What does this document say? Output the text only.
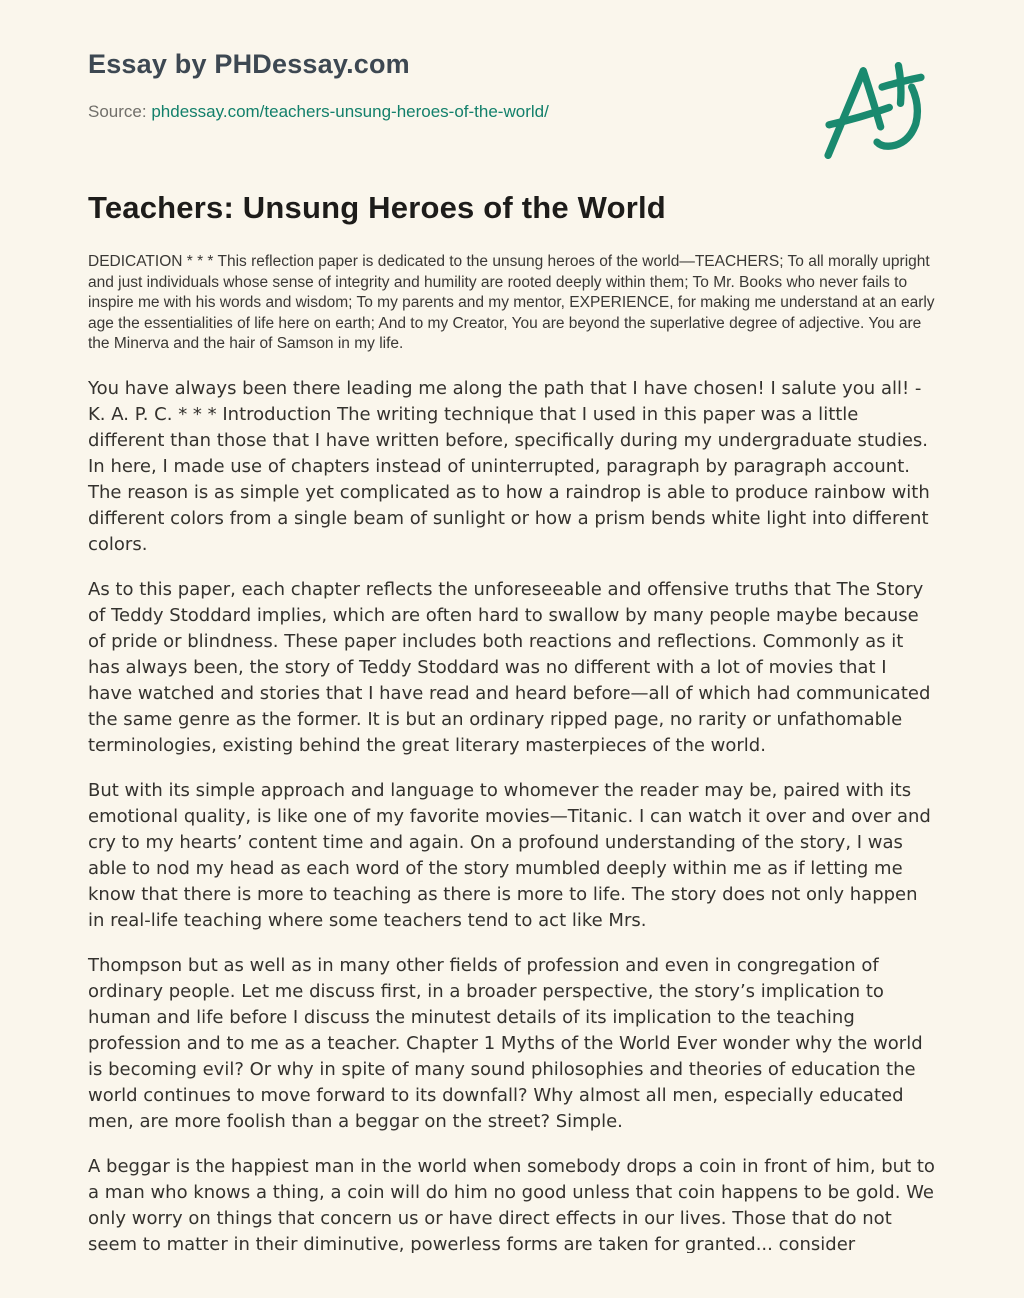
Essay by PHDessay.com
Source: phdessay.com/teachers-unsung-heroes-of-the-world/
Teachers: Unsung Heroes of the World

DEDICATION * * * This reflection paper is dedicated to the unsung heroes of the world—TEACHERS; To all morally upright and just individuals whose sense of integrity and humility are rooted deeply within them; To Mr. Books who never fails to inspire me with his words and wisdom; To my parents and my mentor, EXPERIENCE, for making me understand at an early age the essentialities of life here on earth; And to my Creator, You are beyond the superlative degree of adjective. You are the Minerva and the hair of Samson in my life.

You have always been there leading me along the path that I have chosen! I salute you all! - K. A. P. C. * * * Introduction The writing technique that I used in this paper was a little different than those that I have written before, specifically during my undergraduate studies. In here, I made use of chapters instead of uninterrupted, paragraph by paragraph account. The reason is as simple yet complicated as to how a raindrop is able to produce rainbow with different colors from a single beam of sunlight or how a prism bends white light into different colors.

As to this paper, each chapter reflects the unforeseeable and offensive truths that The Story of Teddy Stoddard implies, which are often hard to swallow by many people maybe because of pride or blindness. These paper includes both reactions and reflections. Commonly as it has always been, the story of Teddy Stoddard was no different with a lot of movies that I have watched and stories that I have read and heard before—all of which had communicated the same genre as the former. It is but an ordinary ripped page, no rarity or unfathomable terminologies, existing behind the great literary masterpieces of the world.

But with its simple approach and language to whomever the reader may be, paired with its emotional quality, is like one of my favorite movies—Titanic. I can watch it over and over and cry to my hearts’ content time and again. On a profound understanding of the story, I was able to nod my head as each word of the story mumbled deeply within me as if letting me know that there is more to teaching as there is more to life. The story does not only happen in real-life teaching where some teachers tend to act like Mrs.

Thompson but as well as in many other fields of profession and even in congregation of ordinary people. Let me discuss first, in a broader perspective, the story’s implication to human and life before I discuss the minutest details of its implication to the teaching profession and to me as a teacher. Chapter 1 Myths of the World Ever wonder why the world is becoming evil? Or why in spite of many sound philosophies and theories of education the world continues to move forward to its downfall? Why almost all men, especially educated men, are more foolish than a beggar on the street? Simple.

A beggar is the happiest man in the world when somebody drops a coin in front of him, but to a man who knows a thing, a coin will do him no good unless that coin happens to be gold. We only worry on things that concern us or have direct effects in our lives. Those that do not seem to matter in their diminutive, powerless forms are taken for granted... consider
